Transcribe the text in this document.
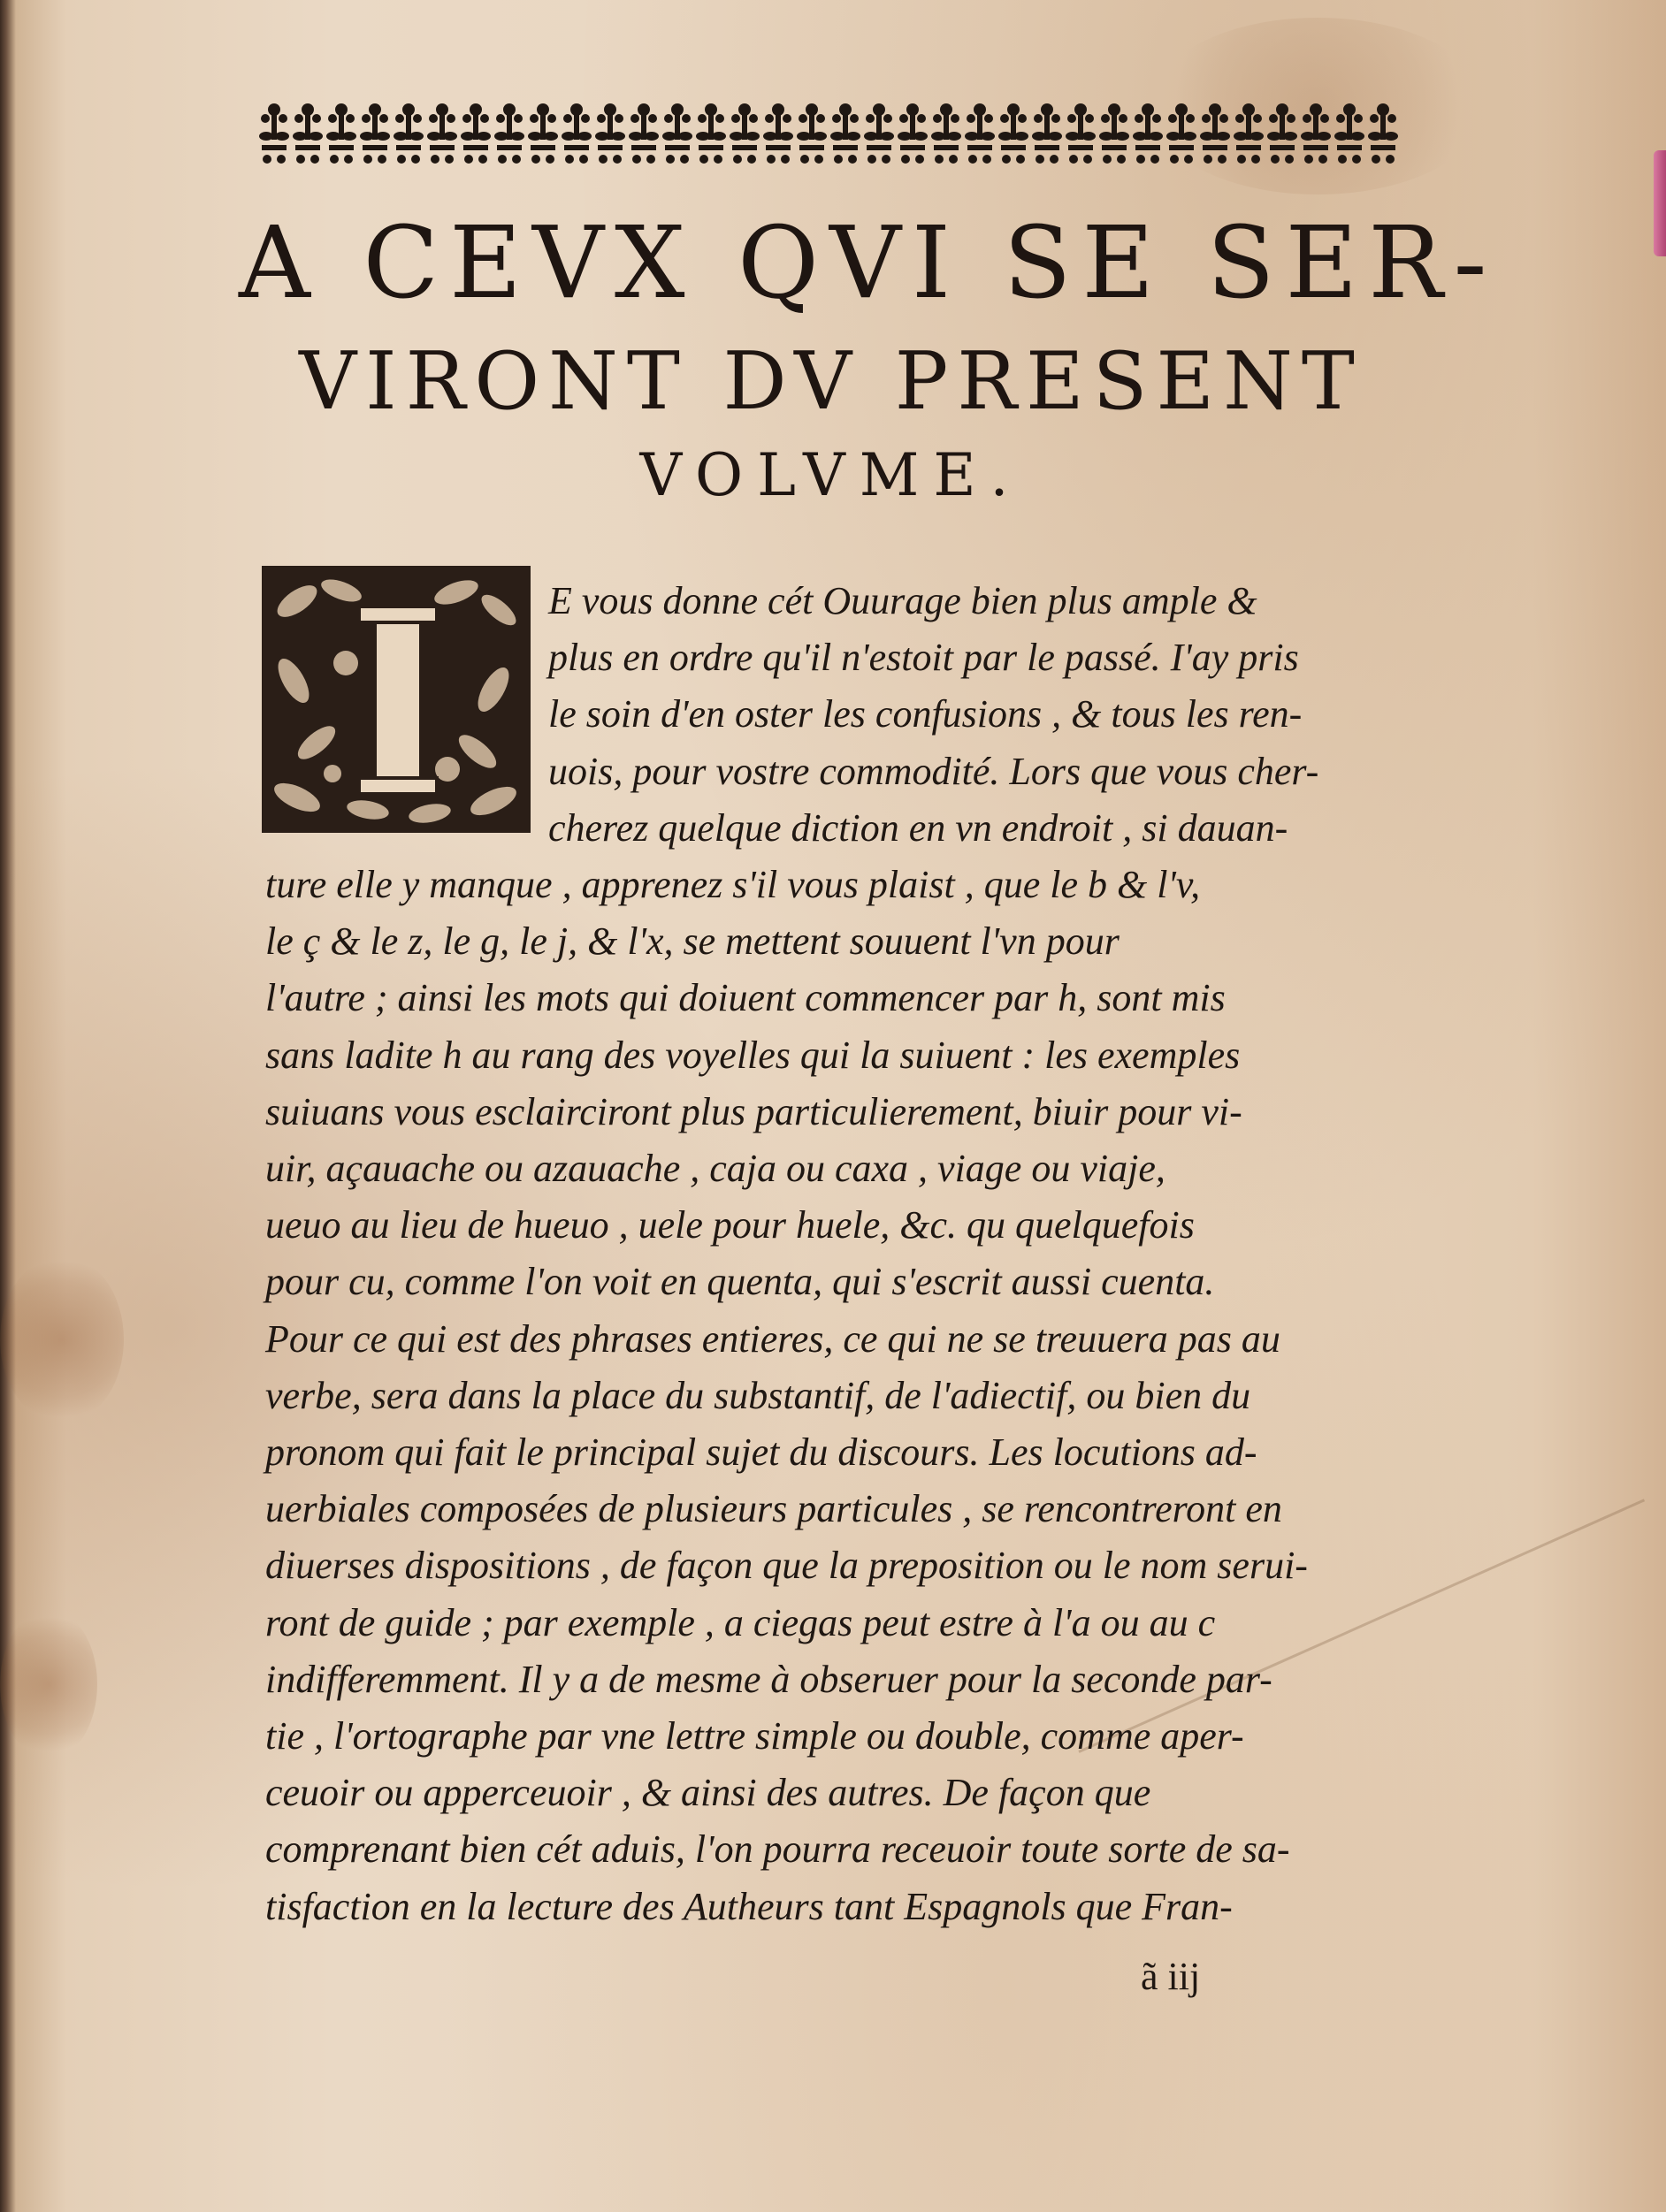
A CEVX QVI SE SER-
VIRONT DV PRESENT
VOLVME.
E vous donne cét Ouurage bien plus ample &
plus en ordre qu'il n'estoit par le passé. I'ay pris
le soin d'en oster les confusions , & tous les ren-
uois, pour vostre commodité. Lors que vous cher-
cherez quelque diction en vn endroit , si dauan-
ture elle y manque , apprenez s'il vous plaist , que le b & l'v,
le ç & le z, le g, le j, & l'x, se mettent souuent l'vn pour
l'autre ; ainsi les mots qui doiuent commencer par h, sont mis
sans ladite h au rang des voyelles qui la suiuent : les exemples
suiuans vous esclairciront plus particulierement, biuir pour vi-
uir, açauache ou azauache , caja ou caxa , viage ou viaje,
ueuo au lieu de hueuo , uele pour huele, &c. qu quelquefois
pour cu, comme l'on voit en quenta, qui s'escrit aussi cuenta.
Pour ce qui est des phrases entieres, ce qui ne se treuuera pas au
verbe, sera dans la place du substantif, de l'adiectif, ou bien du
pronom qui fait le principal sujet du discours. Les locutions ad-
uerbiales composées de plusieurs particules , se rencontreront en
diuerses dispositions , de façon que la preposition ou le nom serui-
ront de guide ; par exemple , a ciegas peut estre à l'a ou au c
indifferemment. Il y a de mesme à obseruer pour la seconde par-
tie , l'ortographe par vne lettre simple ou double, comme aper-
ceuoir ou apperceuoir , & ainsi des autres. De façon que
comprenant bien cét aduis, l'on pourra receuoir toute sorte de sa-
tisfaction en la lecture des Autheurs tant Espagnols que Fran-
ã iij
